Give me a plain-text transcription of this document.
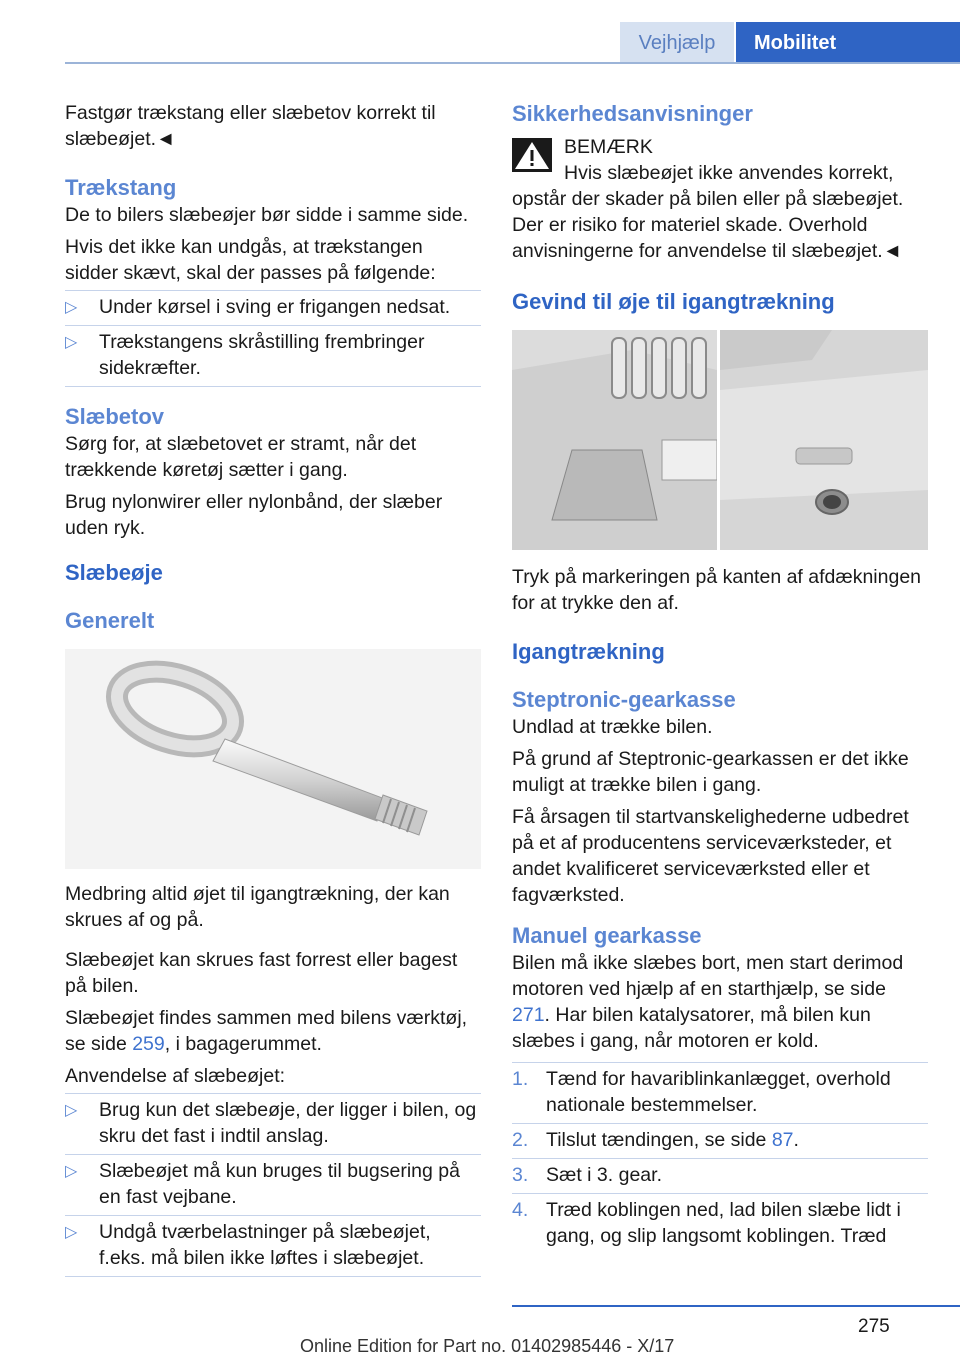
Vejhjælp	Mobilitet

Fastgør trækstang eller slæbetov korrekt til slæbeøjet.◄

Trækstang

De to bilers slæbeøjer bør sidde i samme side.

Hvis det ikke kan undgås, at trækstangen sidder skævt, skal der passes på følgende:

▷ Under kørsel i sving er frigangen nedsat.
▷ Trækstangens skråstilling frembringer sidekræfter.
Slæbetov

Sørg for, at slæbetovet er stramt, når det trækkende køretøj sætter i gang.

Brug nylonwirer eller nylonbånd, der slæber uden ryk.

Slæbeøje
Generelt

Medbring altid øjet til igangtrækning, der kan skrues af og på.

Slæbeøjet kan skrues fast forrest eller bagest på bilen.

Slæbeøjet findes sammen med bilens værktøj, se side 259, i bagagerummet.

Anvendelse af slæbeøjet:

▷ Brug kun det slæbeøje, der ligger i bilen, og skru det fast i indtil anslag.
▷ Slæbeøjet må kun bruges til bugsering på en fast vejbane.
▷ Undgå tværbelastninger på slæbeøjet, f.eks. må bilen ikke løftes i slæbeøjet.
Sikkerhedsanvisninger

BEMÆRK

Hvis slæbeøjet ikke anvendes korrekt, opstår der skader på bilen eller på slæbeøjet. Der er risiko for materiel skade. Overhold anvisningerne for anvendelse til slæbeøjet.◄

Gevind til øje til igangtrækning

Tryk på markeringen på kanten af afdækningen for at trykke den af.

Igangtrækning
Steptronic-gearkasse

Undlad at trække bilen.

På grund af Steptronic-gearkassen er det ikke muligt at trække bilen i gang.

Få årsagen til startvanskelighederne udbedret på et af producentens serviceværksteder, et andet kvalificeret serviceværksted eller et fagværksted.

Manuel gearkasse

Bilen må ikke slæbes bort, men start derimod motoren ved hjælp af en starthjælp, se side 271. Har bilen katalysatorer, må bilen kun slæbes i gang, når motoren er kold.

1. Tænd for havariblinkanlægget, overhold nationale bestemmelser.
2. Tilslut tændingen, se side 87.
3. Sæt i 3. gear.
4. Træd koblingen ned, lad bilen slæbe lidt i gang, og slip langsomt koblingen. Træd
275
Online Edition for Part no. 01402985446 - X/17
